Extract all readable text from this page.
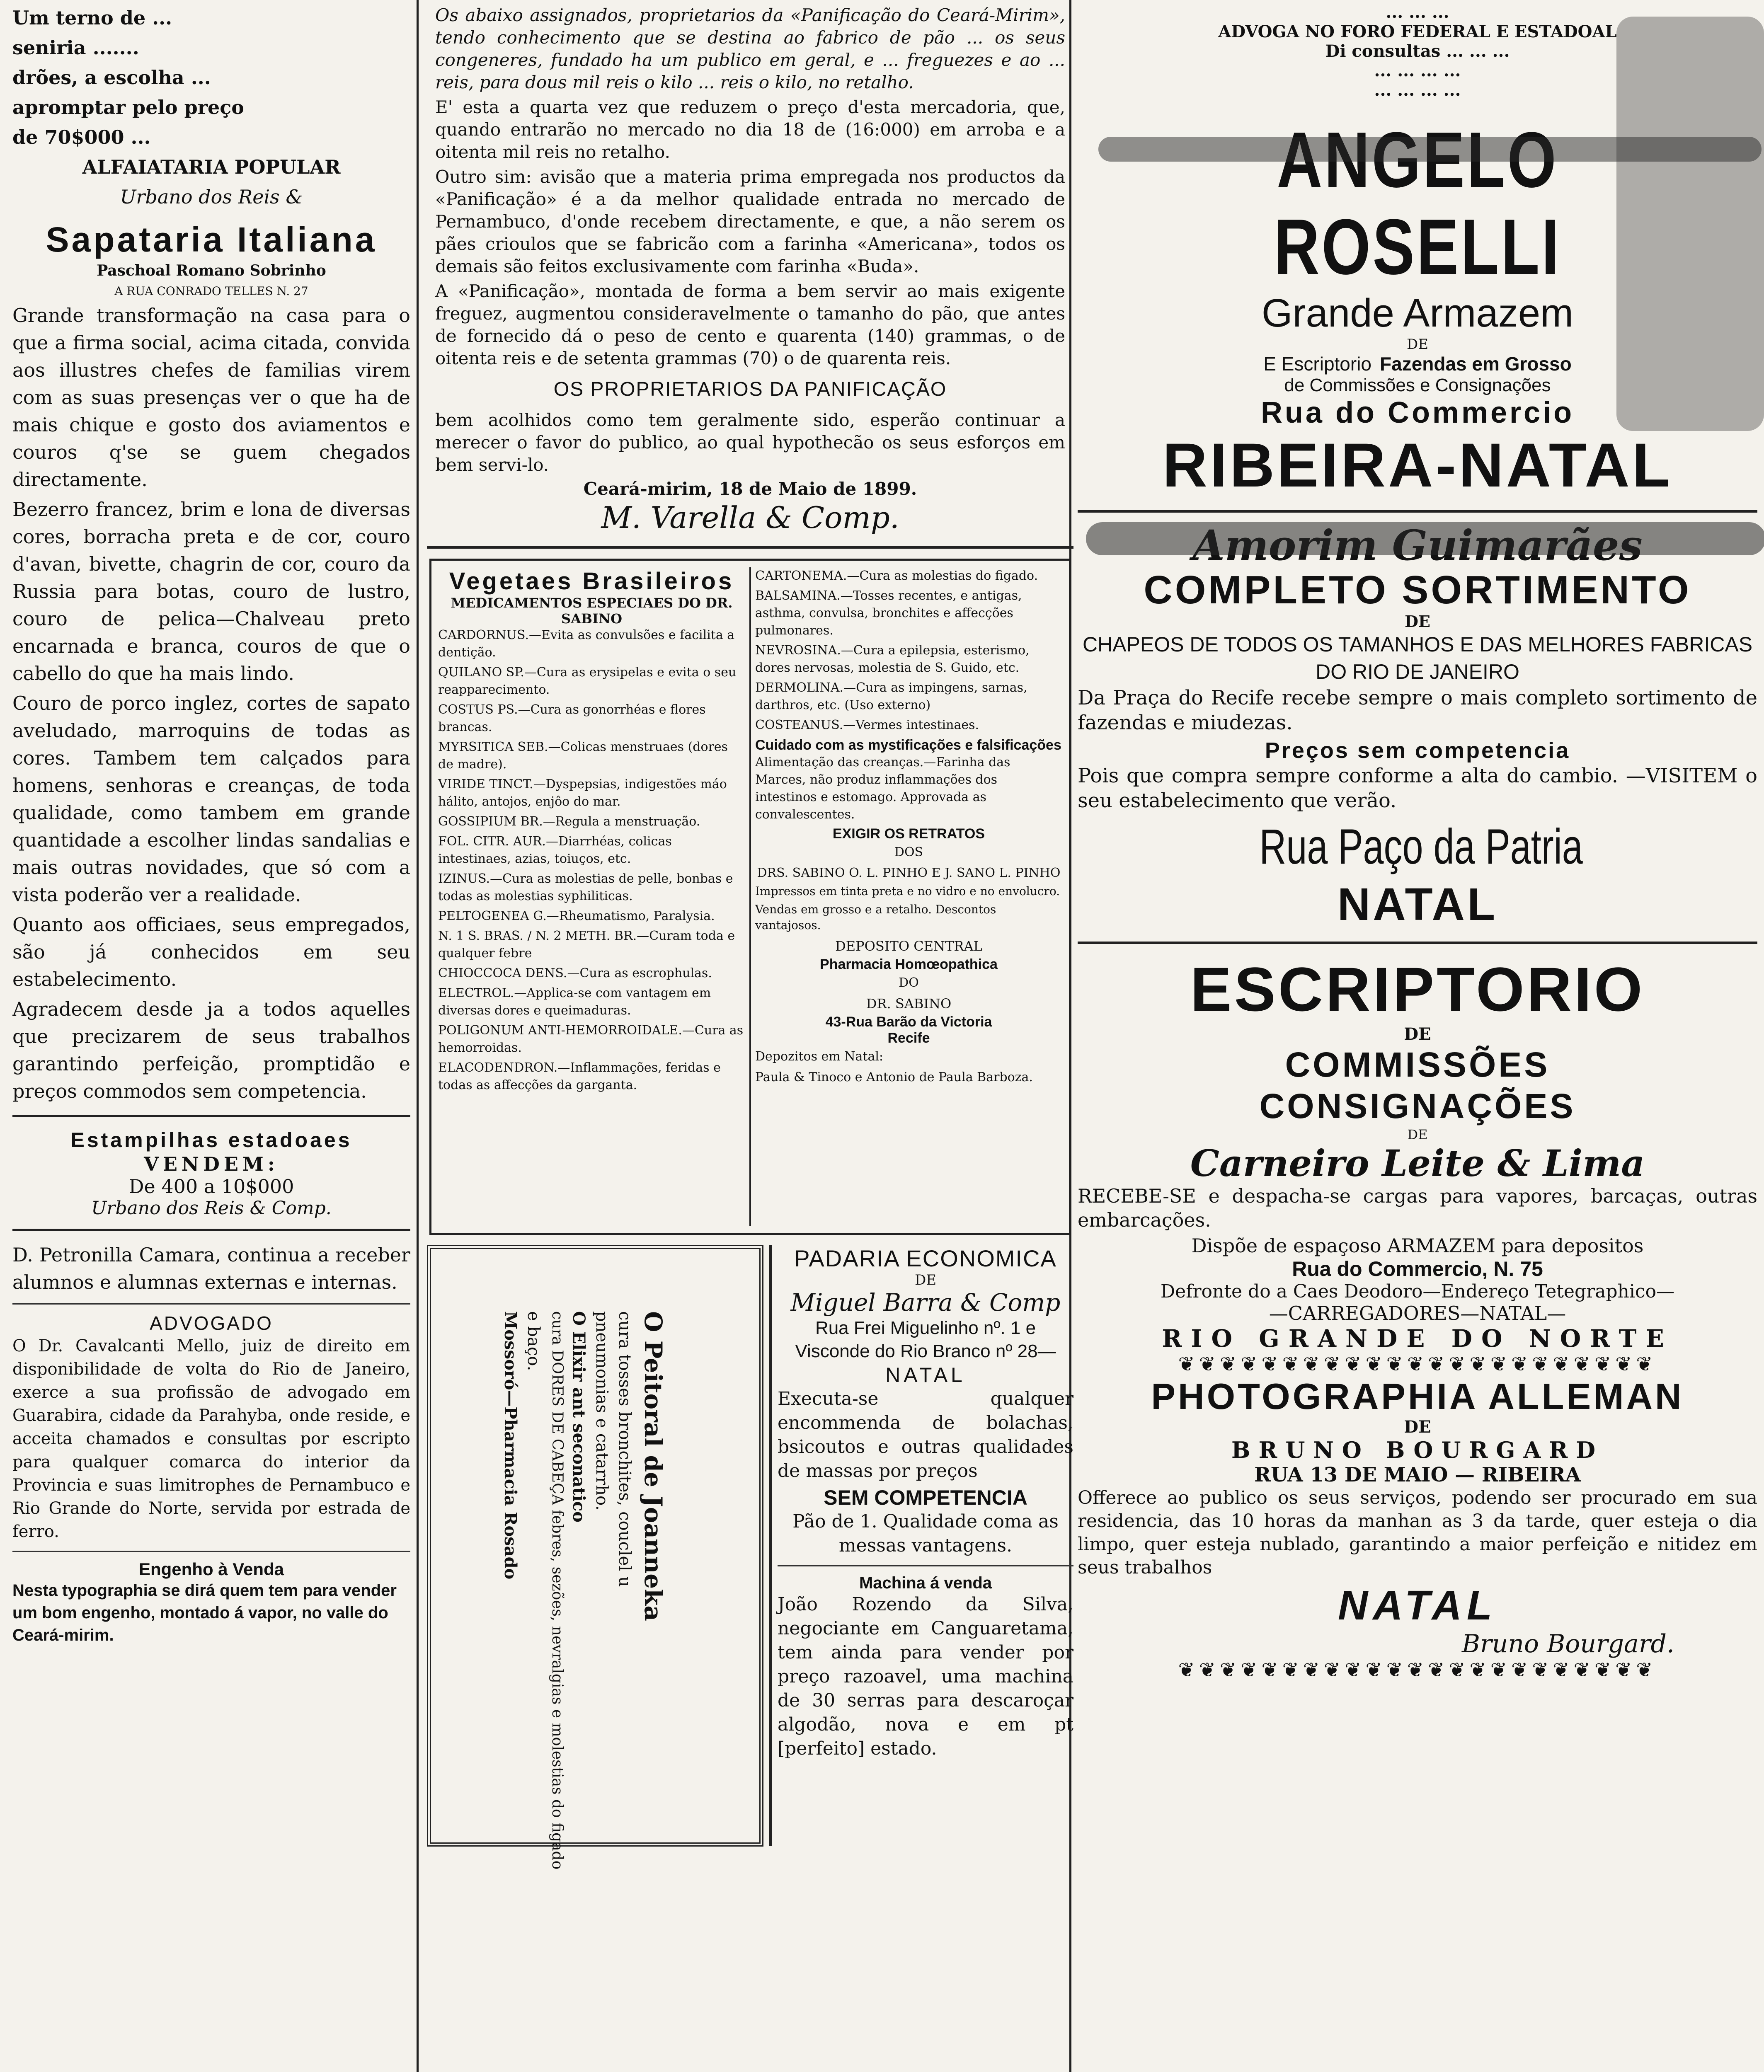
Um terno de ...

seniria .......

drões, a escolha ...

apromptar pelo preço

de 70$000 ...

ALFAIATARIA POPULAR

Urbano dos Reis &

Sapataria Italiana
Paschoal Romano Sobrinho
A RUA CONRADO TELLES N. 27

Grande transformação na casa para o que a firma social, acima citada, convida aos illustres chefes de familias virem com as suas presenças ver o que ha de mais chique e gosto dos aviamentos e couros q'se se guem chegados directamente.

Bezerro francez, brim e lona de diversas cores, borracha preta e de cor, couro d'avan, bivette, chagrin de cor, couro da Russia para botas, couro de lustro, couro de pelica—Chalveau preto encarnada e branca, couros de que o cabello do que ha mais lindo.

Couro de porco inglez, cortes de sapato aveludado, marroquins de todas as cores. Tambem tem calçados para homens, senhoras e creanças, de toda qualidade, como tambem em grande quantidade a escolher lindas sandalias e mais outras novidades, que só com a vista poderão ver a realidade.

Quanto aos officiaes, seus empregados, são já conhecidos em seu estabelecimento.

Agradecem desde ja a todos aquelles que precizarem de seus trabalhos garantindo perfeição, promptidão e preços commodos sem competencia.

Estampilhas estadoaes
VENDEM:
De 400 a 10$000
Urbano dos Reis & Comp.

D. Petronilla Camara, continua a receber alumnos e alumnas externas e internas.

ADVOGADO

O Dr. Cavalcanti Mello, juiz de direito em disponibilidade de volta do Rio de Janeiro, exerce a sua profissão de advogado em Guarabira, cidade da Parahyba, onde reside, e acceita chamados e consultas por escripto para qualquer comarca do interior da Provincia e suas limitrophes de Pernambuco e Rio Grande do Norte, servida por estrada de ferro.

Engenho à Venda

Nesta typographia se dirá quem tem para vender um bom engenho, montado á vapor, no valle do Ceará-mirim.

Os abaixo assignados, proprietarios da «Panificação do Ceará-Mirim», tendo conhecimento que se destina ao fabrico de pão ... os seus congeneres, fundado ha um publico em geral, e ... freguezes e ao ... reis, para dous mil reis o kilo ... reis o kilo, no retalho.

E' esta a quarta vez que reduzem o preço d'esta mercadoria, que, quando entrarão no mercado no dia 18 de (16:000) em arroba e a oitenta mil reis no retalho.

Outro sim: avisão que a materia prima empregada nos productos da «Panificação» é a da melhor qualidade entrada no mercado de Pernambuco, d'onde recebem directamente, e que, a não serem os pães crioulos que se fabricão com a farinha «Americana», todos os demais são feitos exclusivamente com farinha «Buda».

A «Panificação», montada de forma a bem servir ao mais exigente freguez, augmentou consideravelmente o tamanho do pão, que antes de fornecido dá o peso de cento e quarenta (140) grammas, o de oitenta reis e de setenta grammas (70) o de quarenta reis.

OS PROPRIETARIOS DA PANIFICAÇÃO

bem acolhidos como tem geralmente sido, esperão continuar a merecer o favor do publico, ao qual hypothecão os seus esforços em bem servi-lo.

Ceará-mirim, 18 de Maio de 1899.
M. Varella & Comp.
Vegetaes Brasileiros
MEDICAMENTOS ESPECIAES DO DR. SABINO

CARDORNUS.—Evita as convulsões e facilita a dentição.

QUILANO SP.—Cura as erysipelas e evita o seu reapparecimento.

COSTUS PS.—Cura as gonorrhéas e flores brancas.

MYRSITICA SEB.—Colicas menstruaes (dores de madre).

VIRIDE TINCT.—Dyspepsias, indigestões máo hálito, antojos, enjôo do mar.

GOSSIPIUM BR.—Regula a menstruação.

FOL. CITR. AUR.—Diarrhéas, colicas intestinaes, azias, toiuços, etc.

IZINUS.—Cura as molestias de pelle, bonbas e todas as molestias syphiliticas.

PELTOGENEA G.—Rheumatismo, Paralysia.

N. 1 S. BRAS. / N. 2 METH. BR.—Curam toda e qualquer febre

CHIOCCOCA DENS.—Cura as escrophulas.

ELECTROL.—Applica-se com vantagem em diversas dores e queimaduras.

POLIGONUM ANTI-HEMORROIDALE.—Cura as hemorroidas.

ELACODENDRON.—Inflammações, feridas e todas as affecções da garganta.

CARTONEMA.—Cura as molestias do figado.

BALSAMINA.—Tosses recentes, e antigas, asthma, convulsa, bronchites e affecções pulmonares.

NEVROSINA.—Cura a epilepsia, esterismo, dores nervosas, molestia de S. Guido, etc.

DERMOLINA.—Cura as impingens, sarnas, darthros, etc. (Uso externo)

COSTEANUS.—Vermes intestinaes.

Cuidado com as mystificações e falsificações

Alimentação das creanças.—Farinha das Marces, não produz inflammações dos intestinos e estomago. Approvada as convalescentes.

EXIGIR OS RETRATOS
DOS
DRS. SABINO O. L. PINHO E J. SANO L. PINHO

Impressos em tinta preta e no vidro e no envolucro.

Vendas em grosso e a retalho. Descontos vantajosos.

DEPOSITO CENTRAL
Pharmacia Homœopathica
DO
DR. SABINO
43-Rua Barão da Victoria
Recife
Depozitos em Natal:
Paula & Tinoco e Antonio de Paula Barboza.
O Peitoral de Joanneka
cura tosses bronchites, couclel u
pneumonias e catarrho.
O Elixir ant seconatico
cura DORES DE CABEÇA febres, sezões, nevralgias e molestias do figado
e baço.
Mossoró—Pharmacia Rosado
PADARIA ECONOMICA
DE
Miguel Barra & Comp
Rua Frei Miguelinho nº. 1 e Visconde do Rio Branco nº 28—
NATAL

Executa-se qualquer encommenda de bolachas, bsicoutos e outras qualidades de massas por preços

SEM COMPETENCIA

Pão de 1. Qualidade coma as messas vantagens.

Machina á venda

João Rozendo da Silva, negociante em Canguaretama, tem ainda para vender por preço razoavel, uma machina de 30 serras para descaroçar algodão, nova e em pt [perfeito] estado.

... ... ...
ADVOGA NO FORO FEDERAL E ESTADOAL
Di consultas ... ... ...
... ... ... ...
... ... ... ...
ROSELLI
Grande Armazem
DE
E Escriptorio Fazendas em Grosso
de Commissões e Consignações
Rua do Commercio
RIBEIRA-NATAL
COMPLETO SORTIMENTO
DE
CHAPEOS DE TODOS OS TAMANHOS E DAS MELHORES FABRICAS DO RIO DE JANEIRO

Da Praça do Recife recebe sempre o mais completo sortimento de fazendas e miudezas.

Preços sem competencia

Pois que compra sempre conforme a alta do cambio. —VISITEM o seu estabelecimento que verão.

Rua Paço da Patria
NATAL
ESCRIPTORIO
DE
COMMISSÕES
CONSIGNAÇÕES
DE
Carneiro Leite & Lima

RECEBE-SE e despacha-se cargas para vapores, barcaças, outras embarcações.

Dispõe de espaçoso ARMAZEM para depositos
Rua do Commercio, N. 75
Defronte do a Caes Deodoro—Endereço Tetegraphico—
—CARREGADORES—NATAL—
RIO GRANDE DO NORTE
❦❦❦❦❦❦❦❦❦❦❦❦❦❦❦❦❦❦❦❦❦❦❦
PHOTOGRAPHIA ALLEMAN
DE
BRUNO BOURGARD
RUA 13 DE MAIO — RIBEIRA

Offerece ao publico os seus serviços, podendo ser procurado em sua residencia, das 10 horas da manhan as 3 da tarde, quer esteja o dia limpo, quer esteja nublado, garantindo a maior perfeição e nitidez em seus trabalhos

NATAL
Bruno Bourgard.
❦❦❦❦❦❦❦❦❦❦❦❦❦❦❦❦❦❦❦❦❦❦❦
